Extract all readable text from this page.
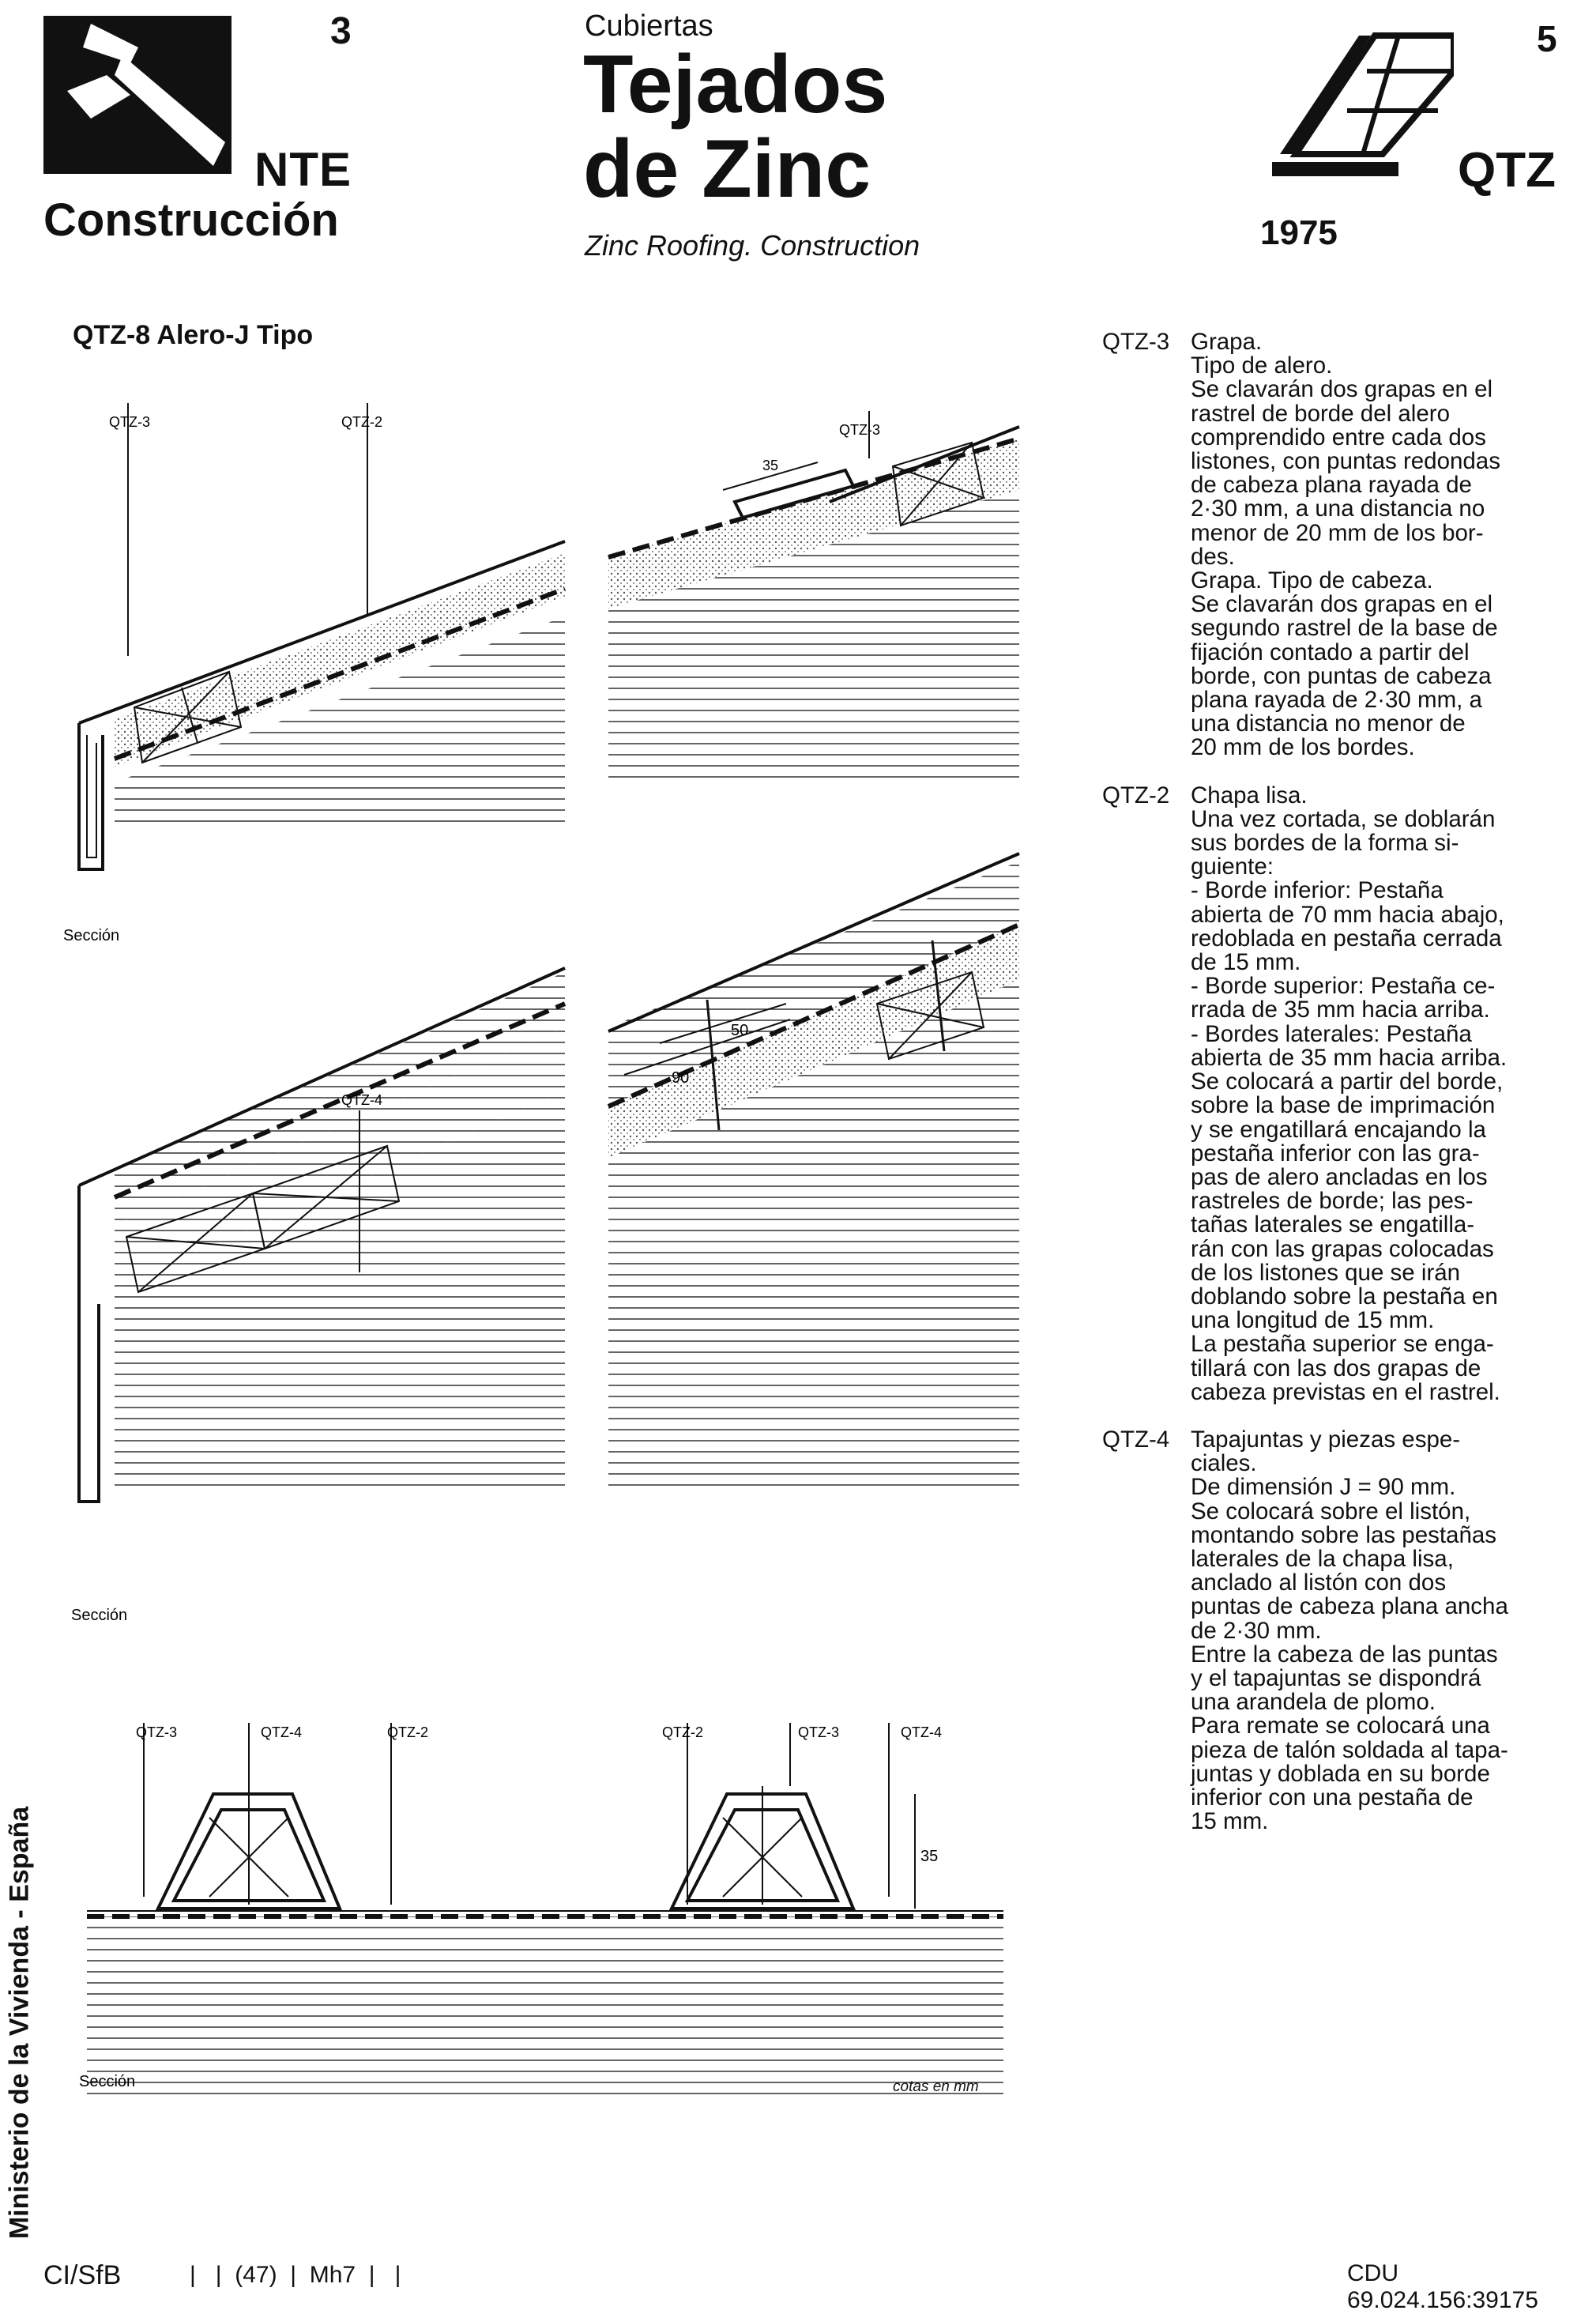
3
NTE
Construcción
Cubiertas
Tejados
de Zinc
Zinc Roofing. Construction
5
QTZ
1975
QTZ-8 Alero-J Tipo
QTZ-3	QTZ-2
35
QTZ-3
Sección
QTZ-4
50
90
Sección
QTZ-3	QTZ-4	QTZ-2	QTZ-2	QTZ-3	QTZ-4
35
Sección	cotas en mm
QTZ-3 Grapa.
Tipo de alero.
Se clavarán dos grapas en el
rastrel de borde del alero
comprendido entre cada dos
listones, con puntas redondas
de cabeza plana rayada de
2·30 mm, a una distancia no
menor de 20 mm de los bor-
des.
Grapa. Tipo de cabeza.
Se clavarán dos grapas en el
segundo rastrel de la base de
fijación contado a partir del
borde, con puntas de cabeza
plana rayada de 2·30 mm, a
una distancia no menor de
20 mm de los bordes.
QTZ-2 Chapa lisa.
Una vez cortada, se doblarán
sus bordes de la forma si-
guiente:
- Borde inferior: Pestaña
abierta de 70 mm hacia abajo,
redoblada en pestaña cerrada
de 15 mm.
- Borde superior: Pestaña ce-
rrada de 35 mm hacia arriba.
- Bordes laterales: Pestaña
abierta de 35 mm hacia arriba.
Se colocará a partir del borde,
sobre la base de imprimación
y se engatillará encajando la
pestaña inferior con las gra-
pas de alero ancladas en los
rastreles de borde; las pes-
tañas laterales se engatilla-
rán con las grapas colocadas
de los listones que se irán
doblando sobre la pestaña en
una longitud de 15 mm.
La pestaña superior se enga-
tillará con las dos grapas de
cabeza previstas en el rastrel.
QTZ-4 Tapajuntas y piezas espe-
ciales.
De dimensión J = 90 mm.
Se colocará sobre el listón,
montando sobre las pestañas
laterales de la chapa lisa,
anclado al listón con dos
puntas de cabeza plana ancha
de 2·30 mm.
Entre la cabeza de las puntas
y el tapajuntas se dispondrá
una arandela de plomo.
Para remate se colocará una
pieza de talón soldada al tapa-
juntas y doblada en su borde
inferior con una pestaña de
15 mm.
Ministerio de la Vivienda - España
CI/SfB	|   |  (47)  |  Mh7  |   |	CDU 69.024.156:39175
